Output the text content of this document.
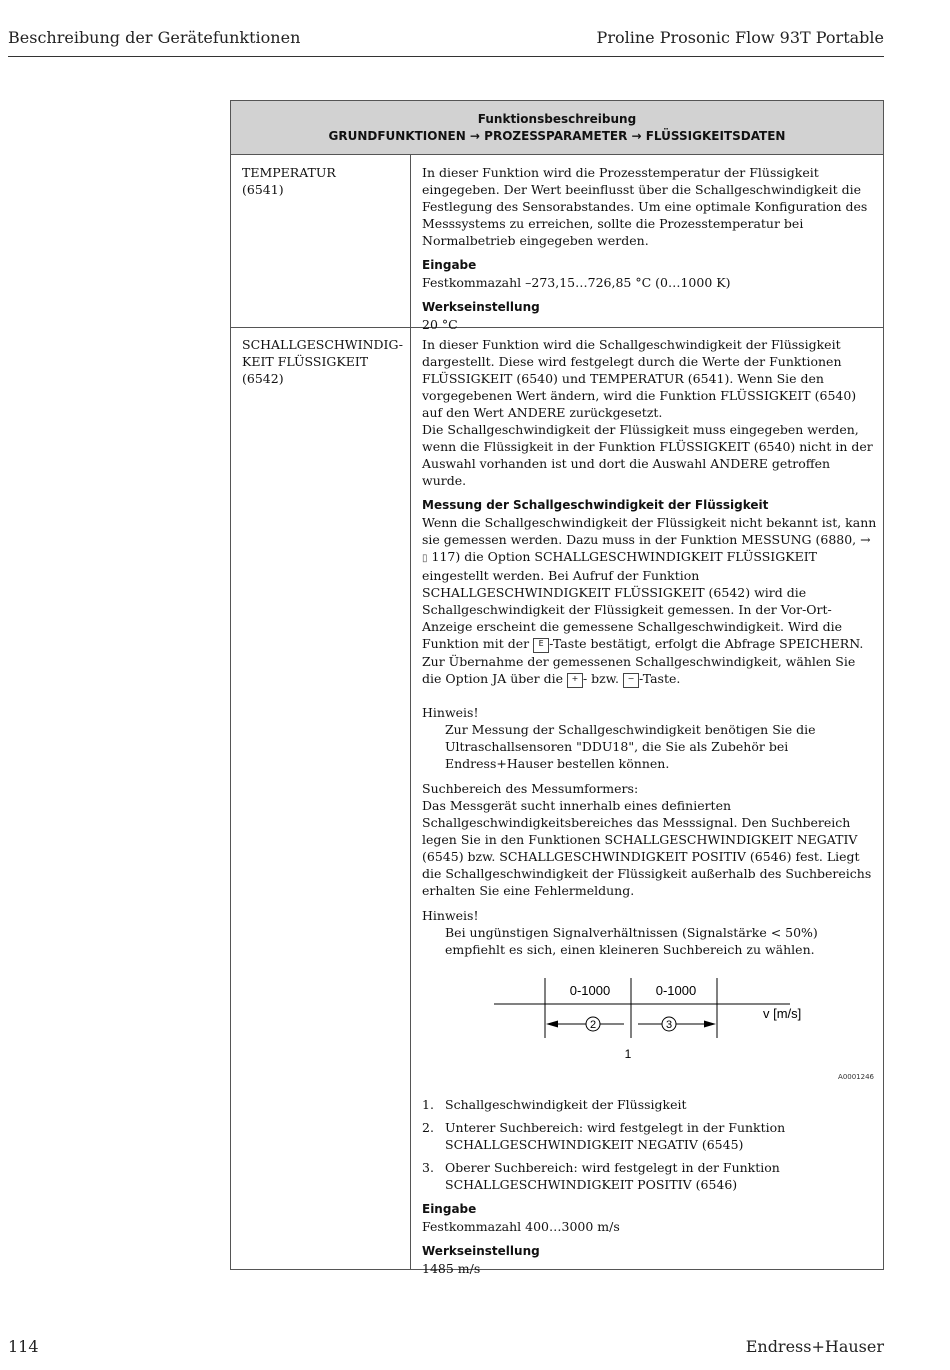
Beschreibung der Gerätefunktionen	Proline Prosonic Flow 93T Portable
Funktionsbeschreibung
GRUNDFUNKTIONEN → PROZESSPARAMETER → FLÜSSIGKEITSDATEN
TEMPERATUR
(6541)

In dieser Funktion wird die Prozesstemperatur der Flüssigkeit eingegeben. Der Wert beeinflusst über die Schallgeschwindigkeit die Festlegung des Sensorabstandes. Um eine optimale Konfiguration des Messsystems zu erreichen, sollte die Prozesstemperatur bei Normalbetrieb eingegeben werden.

Eingabe
Festkommazahl –273,15…726,85 °C (0…1000 K)
Werkseinstellung
20 °C
SCHALLGESCHWINDIG-
KEIT FLÜSSIGKEIT
(6542)

In dieser Funktion wird die Schallgeschwindigkeit der Flüssigkeit dargestellt. Diese wird festgelegt durch die Werte der Funktionen FLÜSSIGKEIT (6540) und TEMPERATUR (6541). Wenn Sie den vorgegebenen Wert ändern, wird die Funktion FLÜSSIGKEIT (6540) auf den Wert ANDERE zurückgesetzt.

Die Schallgeschwindigkeit der Flüssigkeit muss eingegeben werden, wenn die Flüssigkeit in der Funktion FLÜSSIGKEIT (6540) nicht in der Auswahl vorhanden ist und dort die Auswahl ANDERE getroffen wurde.

Messung der Schallgeschwindigkeit der Flüssigkeit
Wenn die Schallgeschwindigkeit der Flüssigkeit nicht bekannt ist, kann sie gemessen werden. Dazu muss in der Funktion MESSUNG (6880, → ▯ 117) die Option SCHALLGESCHWINDIGKEIT FLÜSSIGKEIT eingestellt werden. Bei Aufruf der Funktion SCHALLGESCHWINDIGKEIT FLÜSSIGKEIT (6542) wird die Schallgeschwindigkeit der Flüssigkeit gemessen. In der Vor-Ort-Anzeige erscheint die gemessene Schallgeschwindigkeit. Wird die Funktion mit der E -Taste bestätigt, erfolgt die Abfrage SPEICHERN. Zur Übernahme der gemessenen Schallgeschwindigkeit, wählen Sie die Option JA über die + - bzw. − -Taste.
Hinweis!
Zur Messung der Schallgeschwindigkeit benötigen Sie die Ultraschallsensoren "DDU18", die Sie als Zubehör bei Endress+Hauser bestellen können.
Suchbereich des Messumformers:
Das Messgerät sucht innerhalb eines definierten Schallgeschwindigkeitsbereiches das Messsignal. Den Suchbereich legen Sie in den Funktionen SCHALLGESCHWINDIGKEIT NEGATIV (6545) bzw. SCHALLGESCHWINDIGKEIT POSITIV (6546) fest. Liegt die Schallgeschwindigkeit der Flüssigkeit außerhalb des Suchbereichs erhalten Sie eine Fehlermeldung.
Hinweis!
Bei ungünstigen Signalverhältnissen (Signalstärke < 50%) empfiehlt es sich, einen kleineren Suchbereich zu wählen.
2	3
0-1000	0-1000
v [m/s]
1
A0001246
1. Schallgeschwindigkeit der Flüssigkeit
2. Unterer Suchbereich: wird festgelegt in der Funktion SCHALLGESCHWINDIGKEIT NEGATIV (6545)
3. Oberer Suchbereich: wird festgelegt in der Funktion SCHALLGESCHWINDIGKEIT POSITIV (6546)
Eingabe
Festkommazahl 400…3000 m/s
Werkseinstellung
1485 m/s
114	Endress+Hauser
